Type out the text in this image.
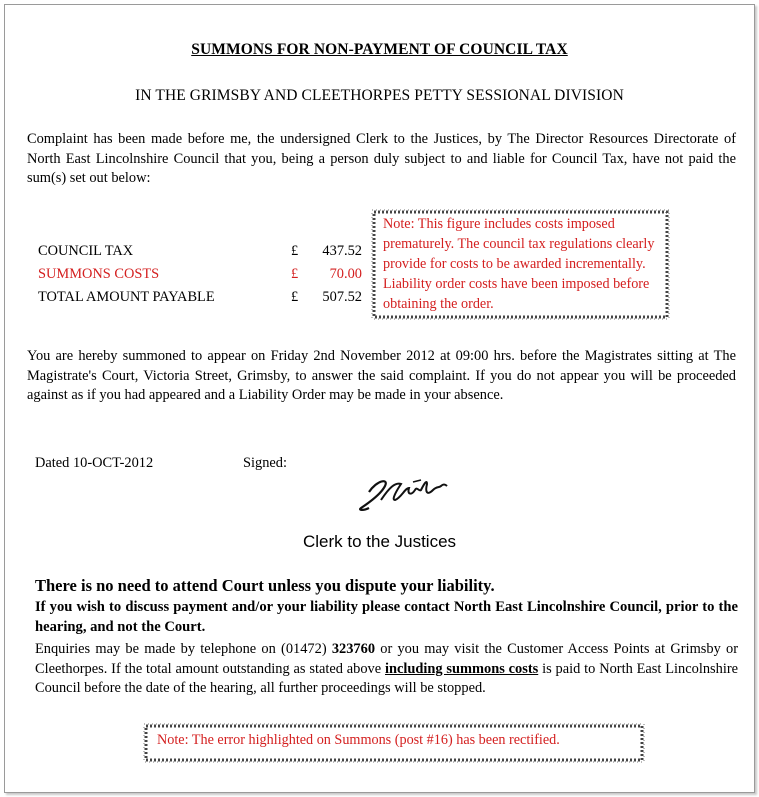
SUMMONS FOR NON-PAYMENT OF COUNCIL TAX
IN THE GRIMSBY AND CLEETHORPES PETTY SESSIONAL DIVISION
Complaint has been made before me, the undersigned Clerk to the Justices, by The Director Resources Directorate of North East Lincolnshire Council that you, being a person duly subject to and liable for Council Tax, have not paid the sum(s) set out below:
COUNCIL TAX	£ 437.52
SUMMONS COSTS	£ 70.00
TOTAL AMOUNT PAYABLE	£ 507.52
Note: This figure includes costs imposed prematurely. The council tax regulations clearly provide for costs to be awarded incrementally. Liability order costs have been imposed before obtaining the order.
You are hereby summoned to appear on Friday 2nd November 2012 at 09:00 hrs. before the Magistrates sitting at The Magistrate's Court, Victoria Street, Grimsby, to answer the said complaint. If you do not appear you will be proceeded against as if you had appeared and a Liability Order may be made in your absence.
Dated 10-OCT-2012	Signed:
Clerk to the Justices
There is no need to attend Court unless you dispute your liability.
If you wish to discuss payment and/or your liability please contact North East Lincolnshire Council, prior to the hearing, and not the Court.
Enquiries may be made by telephone on (01472) 323760 or you may visit the Customer Access Points at Grimsby or Cleethorpes. If the total amount outstanding as stated above including summons costs is paid to North East Lincolnshire Council before the date of the hearing, all further proceedings will be stopped.
Note: The error highlighted on Summons (post #16) has been rectified.
